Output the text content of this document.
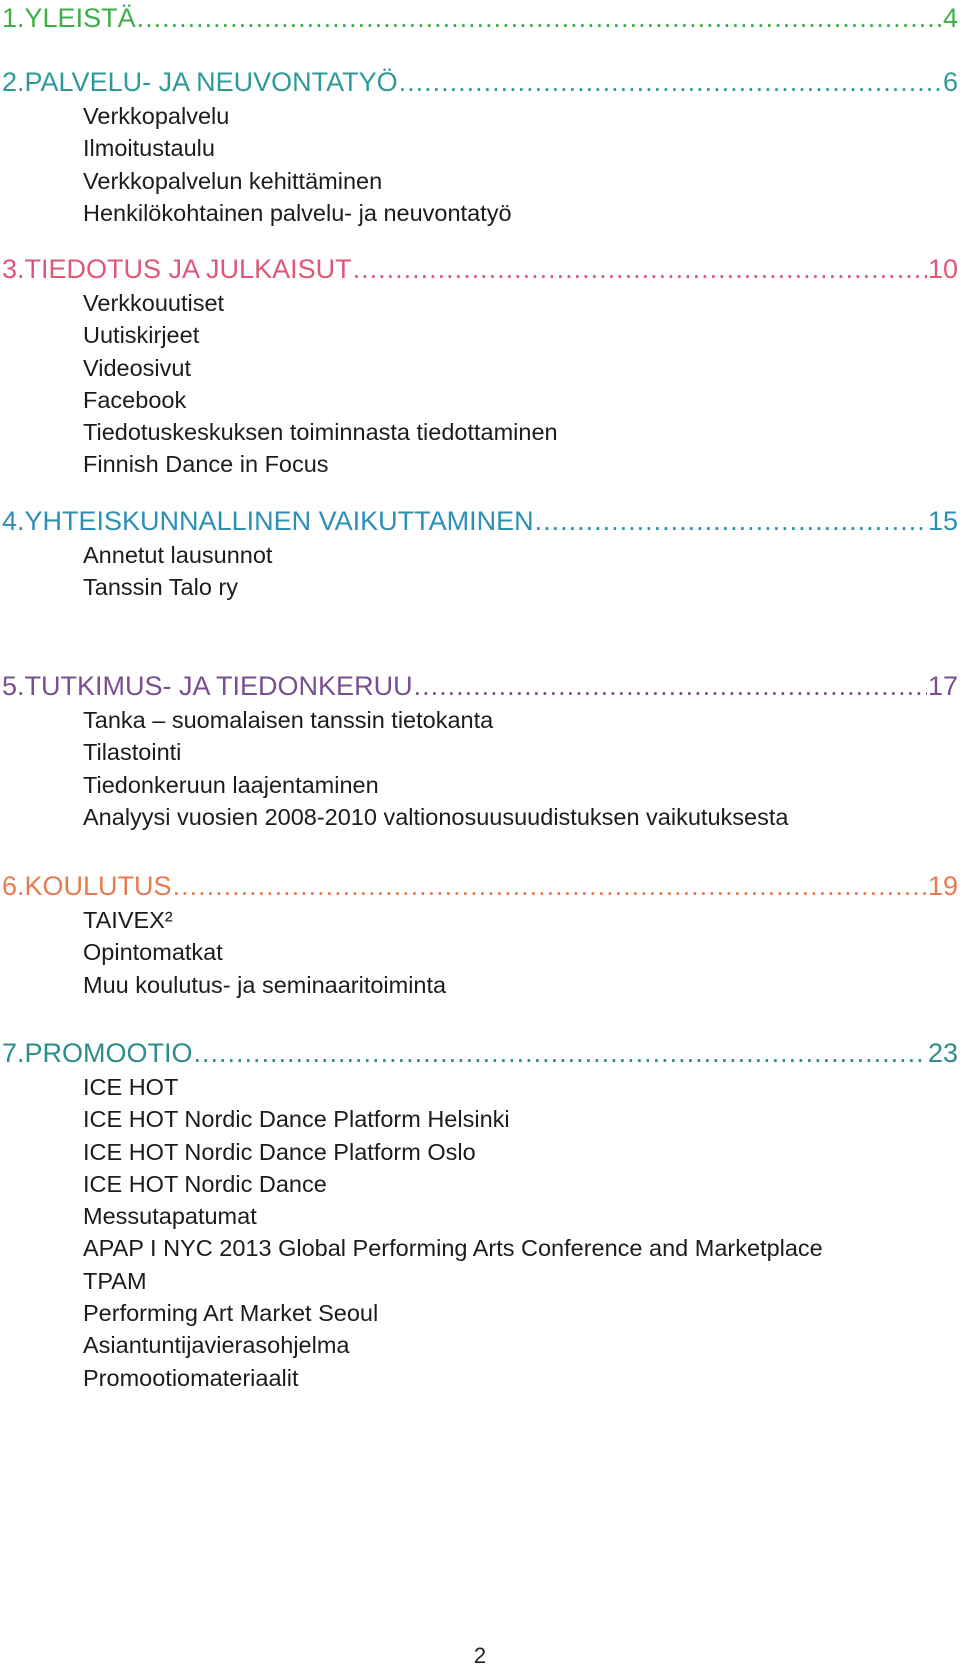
1. YLEISTÄ .....	4
2. PALVELU- JA NEUVONTATYÖ .....	6
Verkkopalvelu
Ilmoitustaulu
Verkkopalvelun kehittäminen
Henkilökohtainen palvelu- ja neuvontatyö
3. TIEDOTUS JA JULKAISUT .....	10
Verkkouutiset
Uutiskirjeet
Videosivut
Facebook
Tiedotuskeskuksen toiminnasta tiedottaminen
Finnish Dance in Focus
4. YHTEISKUNNALLINEN VAIKUTTAMINEN .....	15
Annetut lausunnot
Tanssin Talo ry
5. TUTKIMUS- JA TIEDONKERUU .....	17
Tanka – suomalaisen tanssin tietokanta
Tilastointi
Tiedonkeruun laajentaminen
Analyysi vuosien 2008-2010 valtionosuusuudistuksen vaikutuksesta
6. KOULUTUS .....	19
TAIVEX²
Opintomatkat
Muu koulutus- ja seminaaritoiminta
7. PROMOOTIO .....	23
ICE HOT
ICE HOT Nordic Dance Platform Helsinki
ICE HOT Nordic Dance Platform Oslo
ICE HOT Nordic Dance
Messutapatumat
APAP I NYC 2013 Global Performing Arts Conference and Marketplace
TPAM
Performing Art Market Seoul
Asiantuntijavierasohjelma
Promootiomateriaalit
2
